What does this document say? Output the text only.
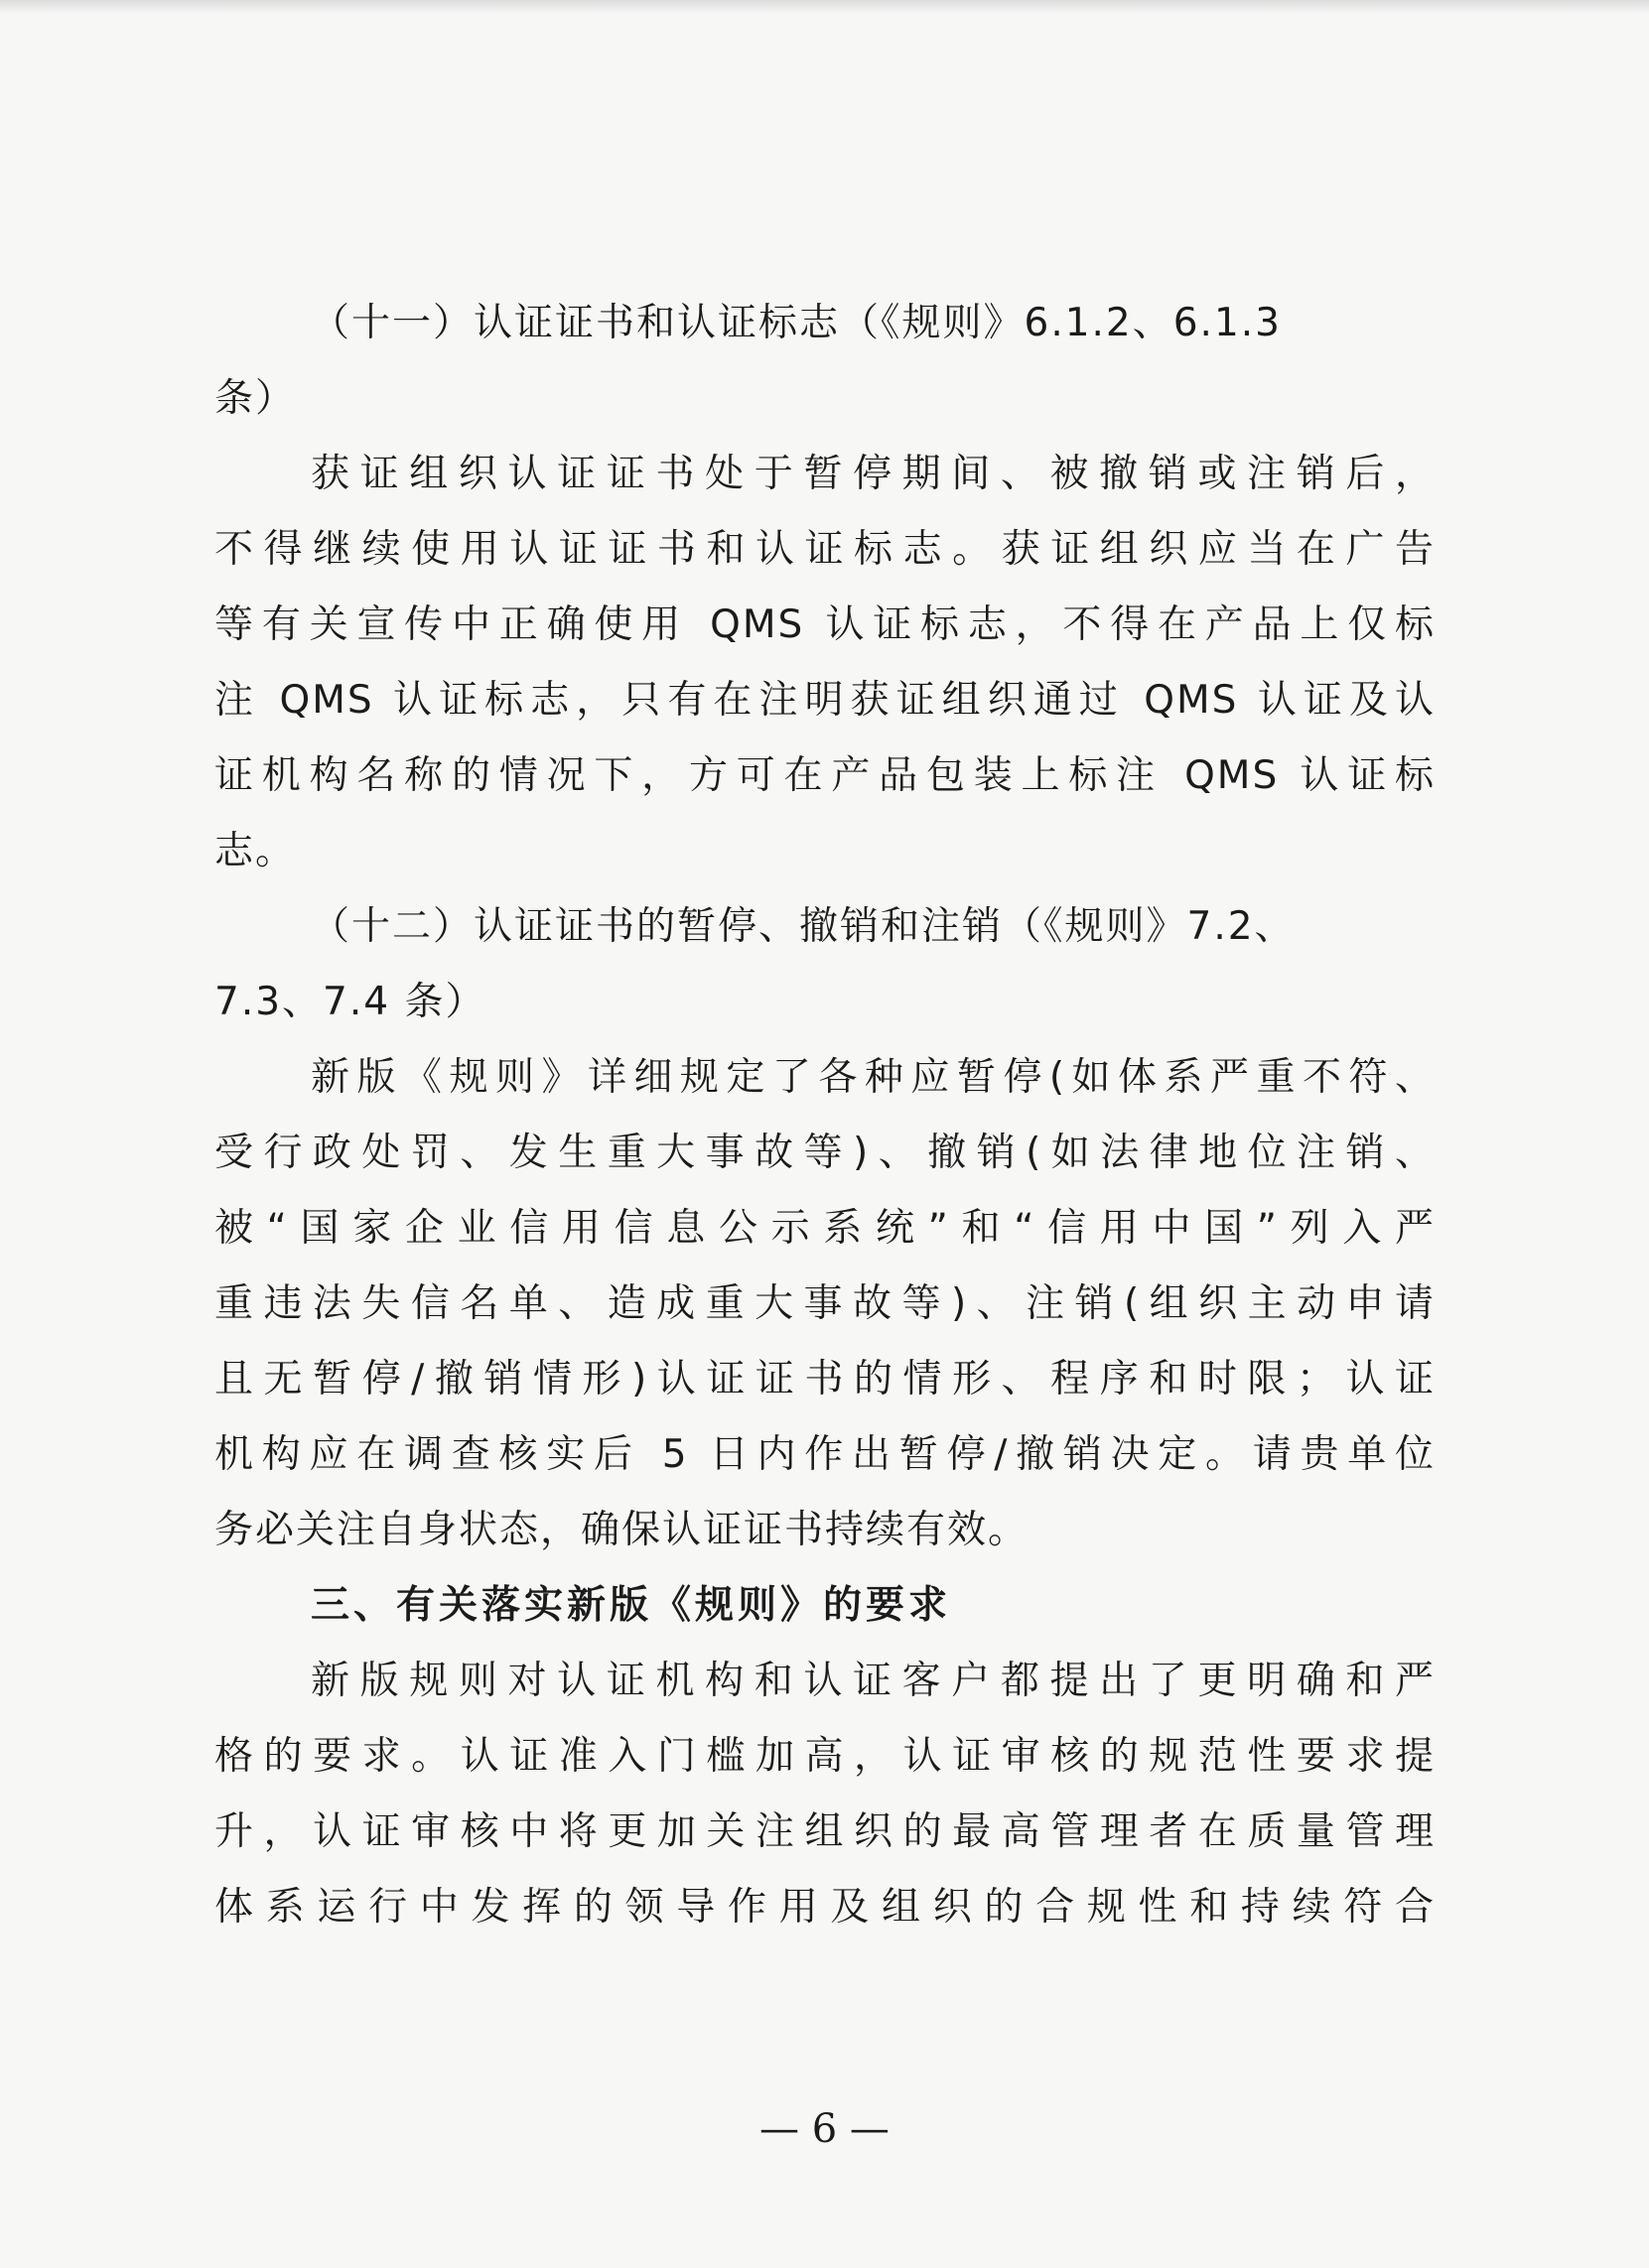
（十一）认证证书和认证标志（《规则》6.1.2、6.1.3
条）
获证组织认证证书处于暂停期间、被撤销或注销后，
不得继续使用认证证书和认证标志。获证组织应当在广告
等有关宣传中正确使用 QMS 认证标志，不得在产品上仅标
注 QMS 认证标志，只有在注明获证组织通过 QMS 认证及认
证机构名称的情况下，方可在产品包装上标注 QMS 认证标
志。
（十二）认证证书的暂停、撤销和注销（《规则》7.2、
7.3、7.4 条）
新版《规则》详细规定了各种应暂停(如体系严重不符、
受行政处罚、发生重大事故等)、撤销(如法律地位注销、
被“国家企业信用信息公示系统”和“信用中国”列入严
重违法失信名单、造成重大事故等)、注销(组织主动申请
且无暂停/撤销情形)认证证书的情形、程序和时限；认证
机构应在调查核实后 5 日内作出暂停/撤销决定。请贵单位
务必关注自身状态，确保认证证书持续有效。
三、有关落实新版《规则》的要求
新版规则对认证机构和认证客户都提出了更明确和严
格的要求。认证准入门槛加高，认证审核的规范性要求提
升，认证审核中将更加关注组织的最高管理者在质量管理
体系运行中发挥的领导作用及组织的合规性和持续符合
— 6 —
